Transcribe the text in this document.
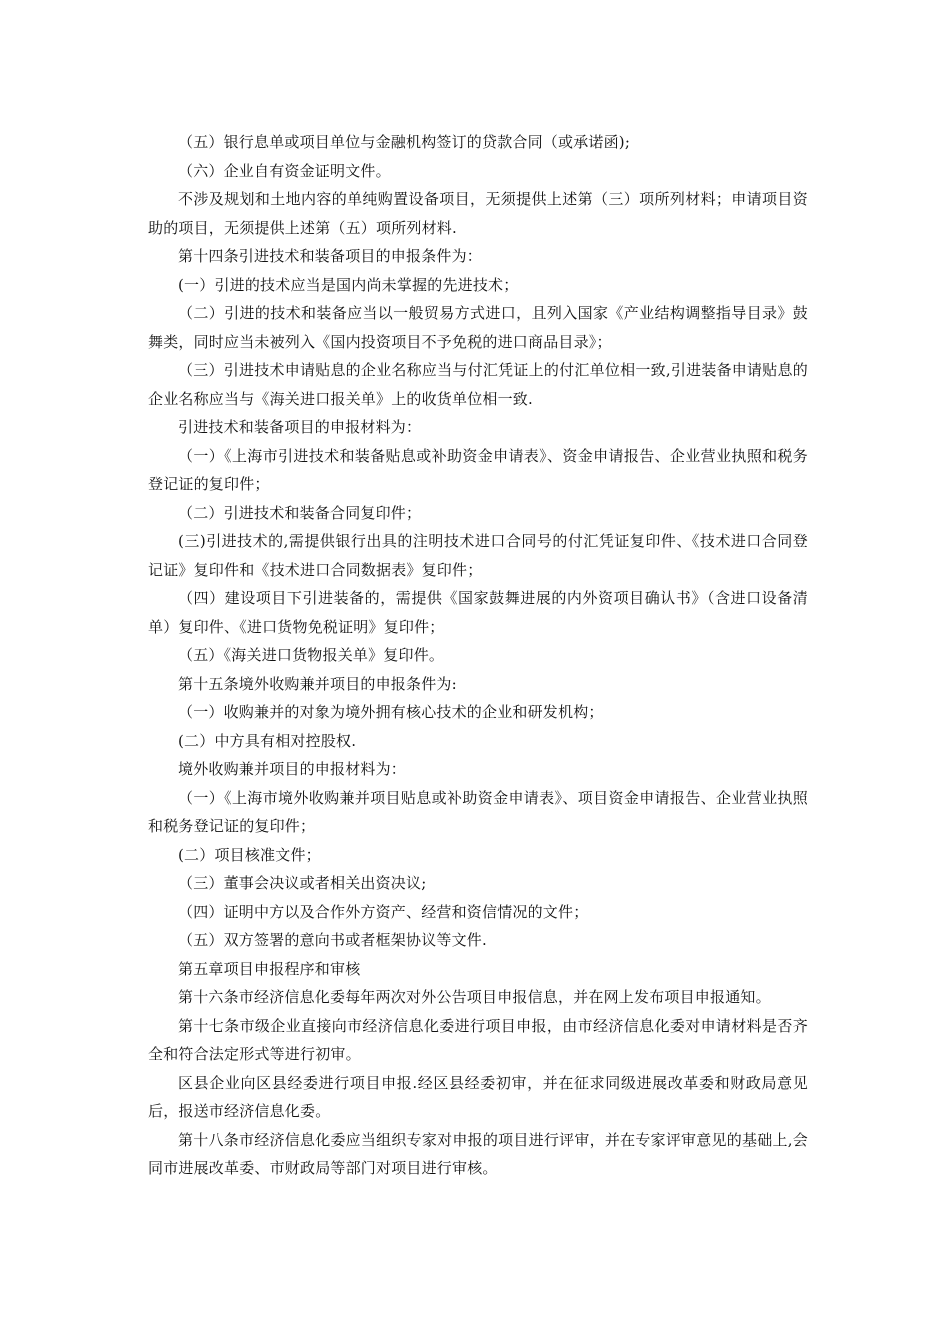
（五）银行息单或项目单位与金融机构签订的贷款合同（或承诺函);

（六）企业自有资金证明文件。

不涉及规划和土地内容的单纯购置设备项目，无须提供上述第（三）项所列材料；申请项目资助的项目，无须提供上述第（五）项所列材料.

第十四条引进技术和装备项目的申报条件为：

(一）引进的技术应当是国内尚未掌握的先进技术；

（二）引进的技术和装备应当以一般贸易方式进口，且列入国家《产业结构调整指导目录》鼓舞类，同时应当未被列入《国内投资项目不予免税的进口商品目录》；

（三）引进技术申请贴息的企业名称应当与付汇凭证上的付汇单位相一致,引进装备申请贴息的企业名称应当与《海关进口报关单》上的收货单位相一致.

引进技术和装备项目的申报材料为：

（一）《上海市引进技术和装备贴息或补助资金申请表》、资金申请报告、企业营业执照和税务登记证的复印件；

（二）引进技术和装备合同复印件；

(三)引进技术的,需提供银行出具的注明技术进口合同号的付汇凭证复印件、《技术进口合同登记证》复印件和《技术进口合同数据表》复印件；

（四）建设项目下引进装备的，需提供《国家鼓舞进展的内外资项目确认书》（含进口设备清单）复印件、《进口货物免税证明》复印件；

（五）《海关进口货物报关单》复印件。

第十五条境外收购兼并项目的申报条件为:

（一）收购兼并的对象为境外拥有核心技术的企业和研发机构；

(二）中方具有相对控股权.

境外收购兼并项目的申报材料为：

（一）《上海市境外收购兼并项目贴息或补助资金申请表》、项目资金申请报告、企业营业执照和税务登记证的复印件；

(二）项目核准文件；

（三）董事会决议或者相关出资决议;

（四）证明中方以及合作外方资产、经营和资信情况的文件；

（五）双方签署的意向书或者框架协议等文件.

第五章项目申报程序和审核

第十六条市经济信息化委每年两次对外公告项目申报信息，并在网上发布项目申报通知。

第十七条市级企业直接向市经济信息化委进行项目申报，由市经济信息化委对申请材料是否齐全和符合法定形式等进行初审。

区县企业向区县经委进行项目申报.经区县经委初审，并在征求同级进展改革委和财政局意见后，报送市经济信息化委。

第十八条市经济信息化委应当组织专家对申报的项目进行评审，并在专家评审意见的基础上,会同市进展改革委、市财政局等部门对项目进行审核。
